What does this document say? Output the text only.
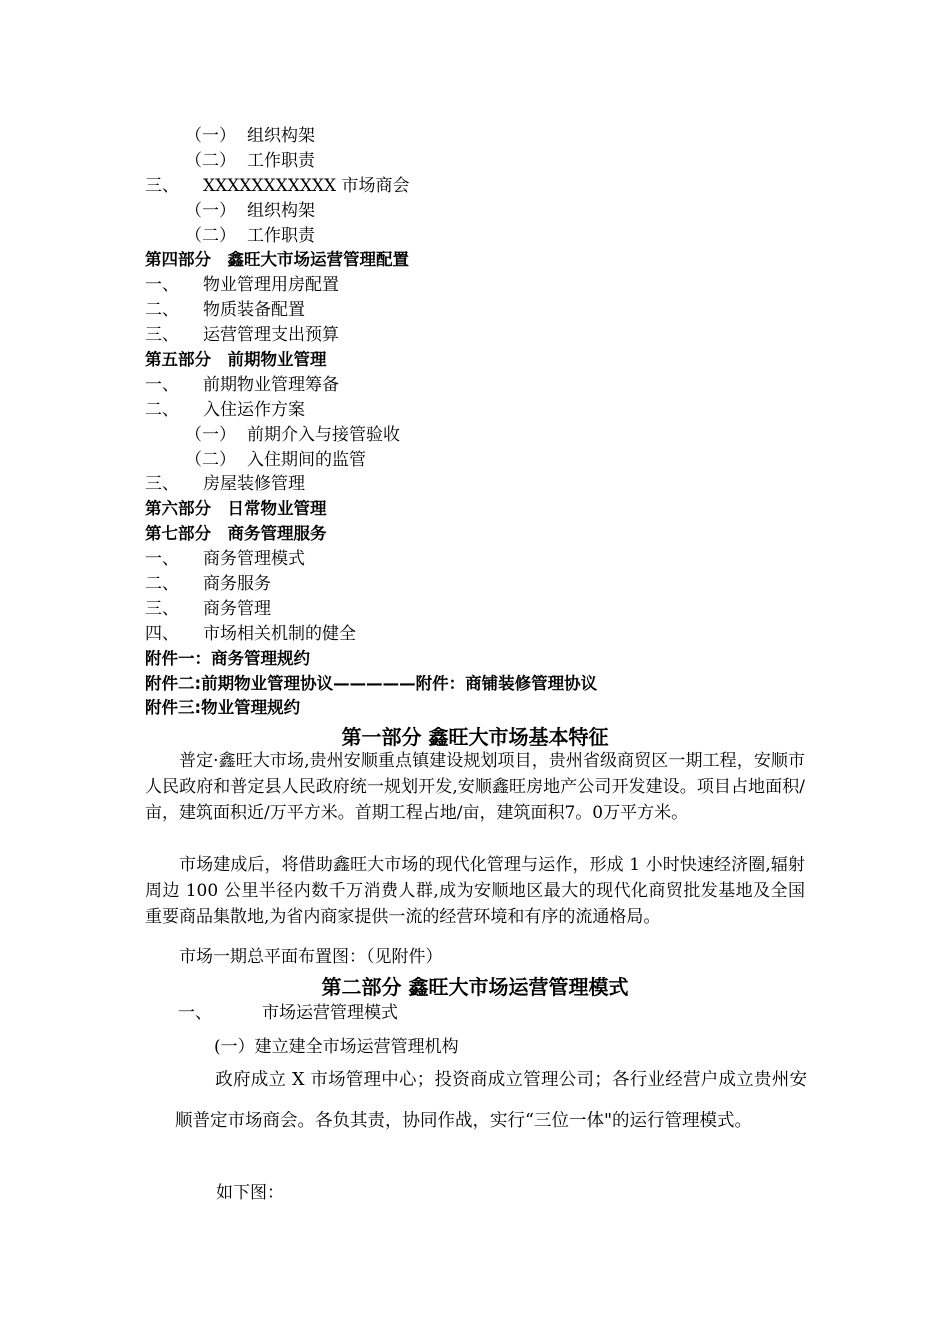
（一） 组织构架
（二） 工作职责
三、 XXXXXXXXXXX 市场商会
（一） 组织构架
（二） 工作职责
第四部分　鑫旺大市场运营管理配置
一、 物业管理用房配置
二、 物质装备配置
三、 运营管理支出预算
第五部分　前期物业管理
一、 前期物业管理筹备
二、 入住运作方案
（一） 前期介入与接管验收
（二） 入住期间的监管
三、 房屋装修管理
第六部分　日常物业管理
第七部分　商务管理服务
一、 商务管理模式
二、 商务服务
三、 商务管理
四、 市场相关机制的健全
附件一：商务管理规约
附件二:前期物业管理协议—————附件：商铺装修管理协议
附件三:物业管理规约
第一部分 鑫旺大市场基本特征
普定·鑫旺大市场,贵州安顺重点镇建设规划项目，贵州省级商贸区一期工程，安顺市人民政府和普定县人民政府统一规划开发,安顺鑫旺房地产公司开发建设。项目占地面积/亩，建筑面积近/万平方米。首期工程占地/亩，建筑面积7。0万平方米。
市场建成后，将借助鑫旺大市场的现代化管理与运作，形成 1 小时快速经济圈,辐射周边 100 公里半径内数千万消费人群,成为安顺地区最大的现代化商贸批发基地及全国重要商品集散地,为省内商家提供一流的经营环境和有序的流通格局。
市场一期总平面布置图：（见附件）
第二部分 鑫旺大市场运营管理模式
一、	市场运营管理模式
(一）建立建全市场运营管理机构
政府成立 X 市场管理中心；投资商成立管理公司；各行业经营户成立贵州安顺普定市场商会。各负其责，协同作战，实行“三位一体"的运行管理模式。
如下图：
